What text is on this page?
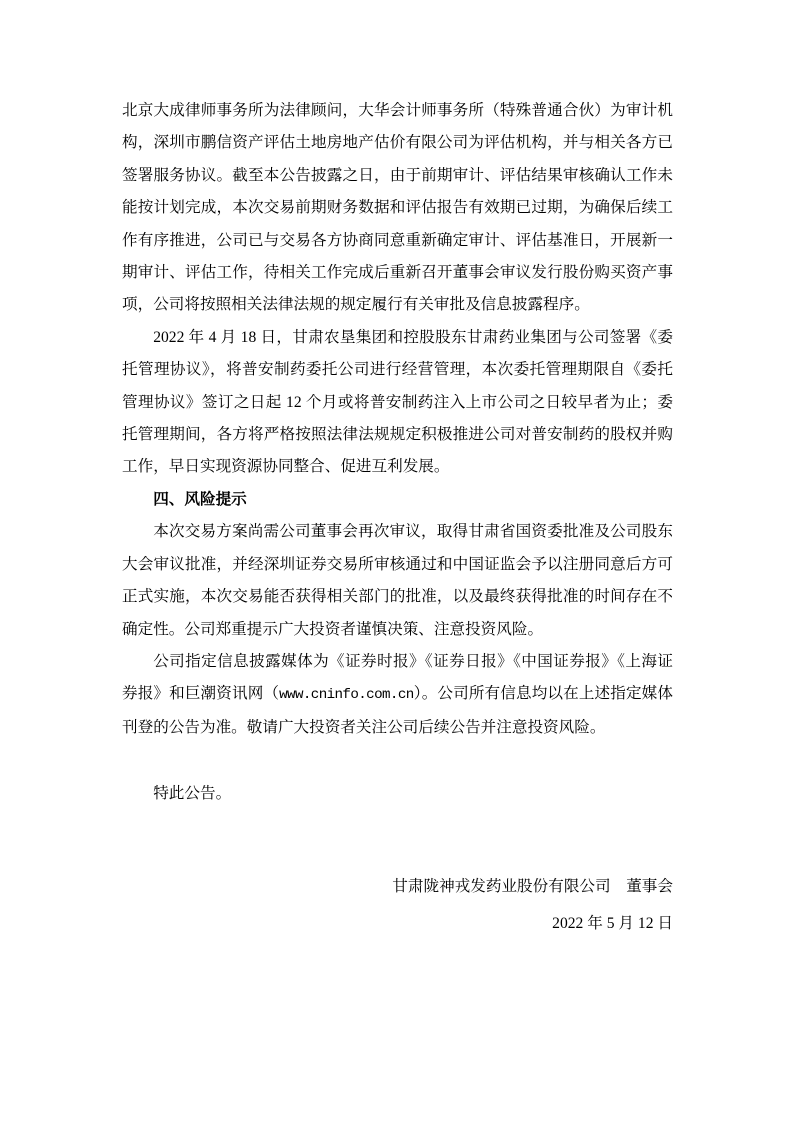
北京大成律师事务所为法律顾问，大华会计师事务所（特殊普通合伙）为审计机构，深圳市鹏信资产评估土地房地产估价有限公司为评估机构，并与相关各方已签署服务协议。截至本公告披露之日，由于前期审计、评估结果审核确认工作未能按计划完成，本次交易前期财务数据和评估报告有效期已过期，为确保后续工作有序推进，公司已与交易各方协商同意重新确定审计、评估基准日，开展新一期审计、评估工作，待相关工作完成后重新召开董事会审议发行股份购买资产事项，公司将按照相关法律法规的规定履行有关审批及信息披露程序。

2022 年 4 月 18 日，甘肃农垦集团和控股股东甘肃药业集团与公司签署《委托管理协议》，将普安制药委托公司进行经营管理，本次委托管理期限自《委托管理协议》签订之日起 12 个月或将普安制药注入上市公司之日较早者为止；委托管理期间，各方将严格按照法律法规规定积极推进公司对普安制药的股权并购工作，早日实现资源协同整合、促进互利发展。

四、风险提示

本次交易方案尚需公司董事会再次审议，取得甘肃省国资委批准及公司股东大会审议批准，并经深圳证券交易所审核通过和中国证监会予以注册同意后方可正式实施，本次交易能否获得相关部门的批准，以及最终获得批准的时间存在不确定性。公司郑重提示广大投资者谨慎决策、注意投资风险。

公司指定信息披露媒体为《证券时报》《证券日报》《中国证券报》《上海证券报》和巨潮资讯网（www.cninfo.com.cn）。公司所有信息均以在上述指定媒体刊登的公告为准。敬请广大投资者关注公司后续公告并注意投资风险。

特此公告。

甘肃陇神戎发药业股份有限公司　董事会

2022 年 5 月 12 日
